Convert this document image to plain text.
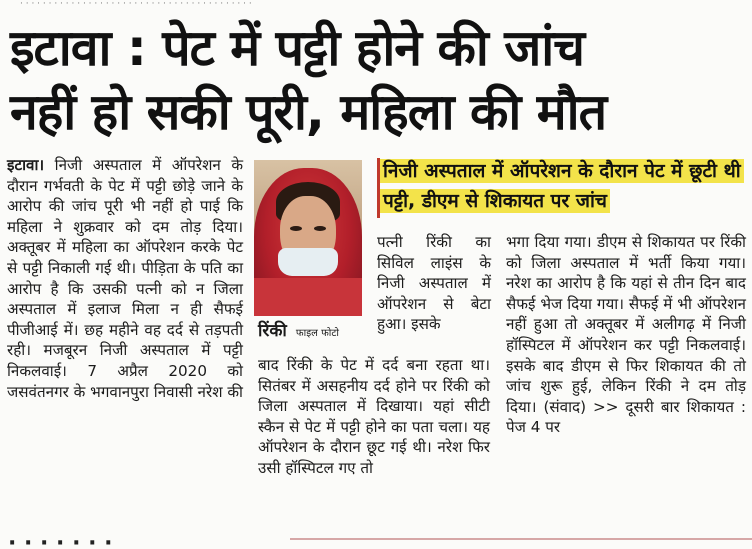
· · · · · · · · · · · · · · · · · · · · · · · · · · · · · · · · · · · · · · · · ·
इटावा : पेट में पट्टी होने की जांच
नहीं हो सकी पूरी, महिला की मौत
इटावा। निजी अस्पताल में ऑपरेशन के दौरान गर्भवती के पेट में पट्टी छोड़े जाने के आरोप की जांच पूरी भी नहीं हो पाई कि महिला ने शुक्रवार को दम तोड़ दिया। अक्तूबर में महिला का ऑपरेशन करके पेट से पट्टी निकाली गई थी। पीड़िता के पति का आरोप है कि उसकी पत्नी को न जिला अस्पताल में इलाज मिला न ही सैफई पीजीआई में। छह महीने वह दर्द से तड़पती रही। मजबूरन निजी अस्पताल में पट्टी निकलवाई। 7 अप्रैल 2020 को जसवंतनगर के भगवानपुरा निवासी नरेश की
रिंकी फाइल फोटो
निजी अस्पताल में ऑपरेशन के दौरान पेट में छूटी थी पट्टी, डीएम से शिकायत पर जांच
पत्नी रिंकी का सिविल लाइंस के निजी अस्पताल में ऑपरेशन से बेटा हुआ। इसके
बाद रिंकी के पेट में दर्द बना रहता था। सितंबर में असहनीय दर्द होने पर रिंकी को जिला अस्पताल में दिखाया। यहां सीटी स्कैन से पेट में पट्टी होने का पता चला। यह ऑपरेशन के दौरान छूट गई थी। नरेश फिर उसी हॉस्पिटल गए तो
भगा दिया गया। डीएम से शिकायत पर रिंकी को जिला अस्पताल में भर्ती किया गया। नरेश का आरोप है कि यहां से तीन दिन बाद सैफई भेज दिया गया। सैफई में भी ऑपरेशन नहीं हुआ तो अक्तूबर में अलीगढ़ में निजी हॉस्पिटल में ऑपरेशन कर पट्टी निकलवाई। इसके बाद डीएम से फिर शिकायत की तो जांच शुरू हुई, लेकिन रिंकी ने दम तोड़ दिया। (संवाद) >> दूसरी बार शिकायत : पेज 4 पर
· · · · · · ·
